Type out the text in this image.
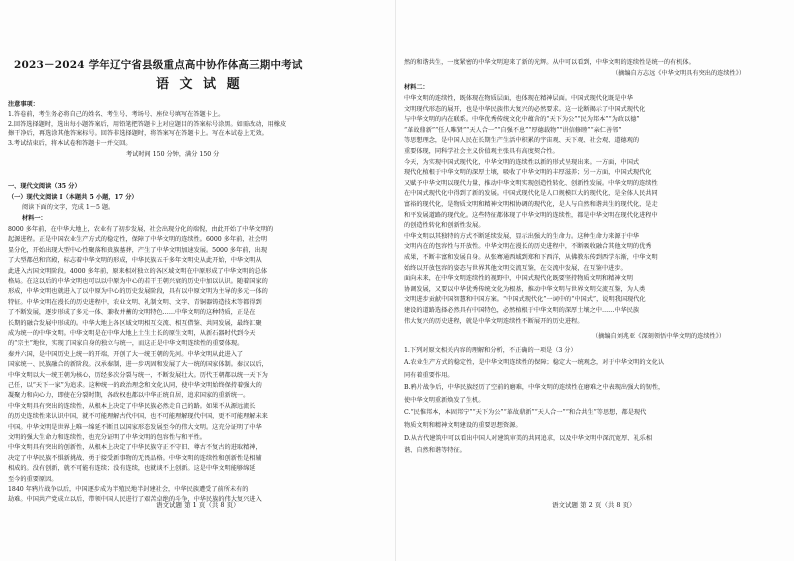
2023－2024 学年辽宁省县级重点高中协作体高三期中考试
语 文 试 题
注意事项：
1.答卷前，考生务必将自己的姓名、考生号、考场号、座位号填写在答题卡上。
2.回答选择题时，选出每小题答案后，用铅笔把答题卡上对应题目的答案标号涂黑。如需改动，用橡皮
擦干净后，再选涂其他答案标号。回答非选择题时，将答案写在答题卡上。写在本试卷上无效。
3.考试结束后，将本试卷和答题卡一并交回。
考试时间 150 分钟，满分 150 分
一、现代文阅读（35 分）
（一）现代文阅读 I（本题共 5 小题，17 分）
阅读下面的文字，完成 1～5 题。
材料一：
8000 多年前，在中华大地上，农业有了初步发展，社会出现分化的端倪，由此开始了中华文明的
起源进程。正是中国农业生产方式的稳定性，保障了中华文明的连续性。6000 多年前，社会明
显分化，开始出现大型中心性聚落和贵族墓葬，产生了中华文明加速发展。5000 多年前，出现
了大型都邑和宫殿，标志着中华文明的形成，中华民族五千多年文明史从此开始，中华文明从
此进入古国文明阶段。4000 多年前，原来相对独立的各区域文明在中原形成了中华文明的总体
格局。在这以后的中华文明也可以以中原为中心的若干王朝兴衰的历史中加以认识。随着国家的
形成，中华文明也就进入了以中原为中心的历史发展阶段，具有以中原文明为主导的多元一体的
特征。中华文明在漫长的历史进程中，农业文明、礼制文明、文字、青铜器铸造技术等都得到
了不断发展，逐步形成了多元一体、兼收并蓄的文明特色……中华文明的这种特质，正是在
长期的融合发展中形成的。中华大地上各区域文明相互交流、相互借鉴、共同发展，最终汇聚
成为统一的中华文明。中华文明是在中华大地上土生土长的原生文明，从新石器时代到今天
的“宗主”地位，实现了国家自身的独立与统一，而这正是中华文明连续性的重要体现。
秦并六国，是中国历史上统一的开端，开创了大一统王朝的先河。中华文明从此进入了
国家统一、民族融合的新阶段。汉承秦制，进一步巩固和发展了大一统的国家体制。秦汉以后，
中华文明以大一统王朝为核心，历经多次分裂与统一，不断发展壮大。历代王朝都以统一天下为
己任，以“天下一家”为追求。这种统一的政治理念和文化认同，使中华文明始终保持着强大的
凝聚力和向心力，即使在分裂时期，各政权也都以中华正统自居，追求国家的重新统一。
中华文明具有突出的连续性，从根本上决定了中华民族必然走自己的路。如果不从源远流长
的历史连续性来认识中国，就不可能理解古代中国，也不可能理解现代中国，更不可能理解未来
中国。中华文明是世界上唯一绵延不断且以国家形态发展至今的伟大文明。这充分证明了中华
文明的强大生命力和连续性，也充分证明了中华文明的包容性与和平性。
中华文明具有突出的创新性，从根本上决定了中华民族守正不守旧、尊古不复古的进取精神，
决定了中华民族不惧新挑战、勇于接受新事物的无畏品格。中华文明的连续性和创新性是相辅
相成的。没有创新，就不可能有连续；没有连续，也就谈不上创新。这是中华文明能够绵延
至今的重要原因。
1840 年鸦片战争以后，中国逐步成为半殖民地半封建社会，中华民族遭受了前所未有的
劫难。中国共产党成立以后，带领中国人民进行了艰苦卓绝的斗争，中华民族的伟大复兴进入
语文试题 第 1 页（共 8 页）
然的和谐共生，一度紧密的中华文明迎来了新的光辉。从中可以看到，中华文明的连续性是统一的有机体。
（摘编自方志远《中华文明具有突出的连续性》）
材料二：
中华文明的连续性，既体现在物质层面，也体现在精神层面。中国式现代化既是中华
文明现代形态的展开，也是中华民族伟大复兴的必然要求。这一论断揭示了中国式现代化
与中华文明的内在联系。中华优秀传统文化中蕴含的“天下为公”“民为邦本”“为政以德”
“革故鼎新”“任人唯贤”“天人合一”“自强不息”“厚德载物”“讲信修睦”“亲仁善邻”
等思想理念，是中国人民在长期生产生活中积累的宇宙观、天下观、社会观、道德观的
重要体现，同科学社会主义价值观主张具有高度契合性。
今天，为实现中国式现代化，中华文明的连续性以新的形式呈现出来。一方面，中国式
现代化植根于中华文明的深厚土壤，吸收了中华文明的丰厚滋养；另一方面，中国式现代化
又赋予中华文明以现代力量，推动中华文明实现创造性转化、创新性发展。中华文明的连续性
在中国式现代化中得到了新的发展。中国式现代化是人口规模巨大的现代化，是全体人民共同
富裕的现代化，是物质文明和精神文明相协调的现代化，是人与自然和谐共生的现代化，是走
和平发展道路的现代化。这些特征都体现了中华文明的连续性，都是中华文明在现代化进程中
的创造性转化和创新性发展。
中华文明以其独特的方式不断延续发展，显示出强大的生命力。这种生命力来源于中华
文明内在的包容性与开放性。中华文明在漫长的历史进程中，不断吸收融合其他文明的优秀
成果，不断丰富和发展自身。从张骞通西域到郑和下西洋，从佛教东传到西学东渐，中华文明
始终以开放包容的姿态与世界其他文明交流互鉴，在交流中发展，在互鉴中进步。
面向未来，在中华文明连续性的视野中，中国式现代化既要坚持物质文明和精神文明
协调发展，又要以中华优秀传统文化为根基，推动中华文明与世界文明交流互鉴，为人类
文明进步贡献中国智慧和中国方案。“中国式现代化”一词中的“中国式”，说明我国现代化
建设的道路选择必然具有中国特色，必然植根于中华文明的深厚土壤之中……中华民族
伟大复兴的历史进程，就是中华文明连续性不断展开的历史进程。
（摘编自刘兆亚《深刻领悟中华文明的连续性》）
1.下列对原文相关内容的理解和分析，不正确的一项是（3 分）
A.农业生产方式的稳定性，是中华文明连续性的保障；稳定大一统观念，对于中华文明的文化认
同有着重要作用。
B.鸦片战争后，中华民族经历了空前的磨难，中华文明的连续性在磨难之中表现出强大的韧性，
使中华文明重新焕发了生机。
C.“民惟邦本，本固邦宁”“天下为公”“革故鼎新”“天人合一”“和合共生”等思想，都是现代
物质文明和精神文明建设的重要思想资源。
D.从古代建筑中可以看出中国人对建筑审美的共同追求，以及中华文明中深沉宽厚、礼乐相
谐、自然和谐等特征。
语文试题 第 2 页（共 8 页）
